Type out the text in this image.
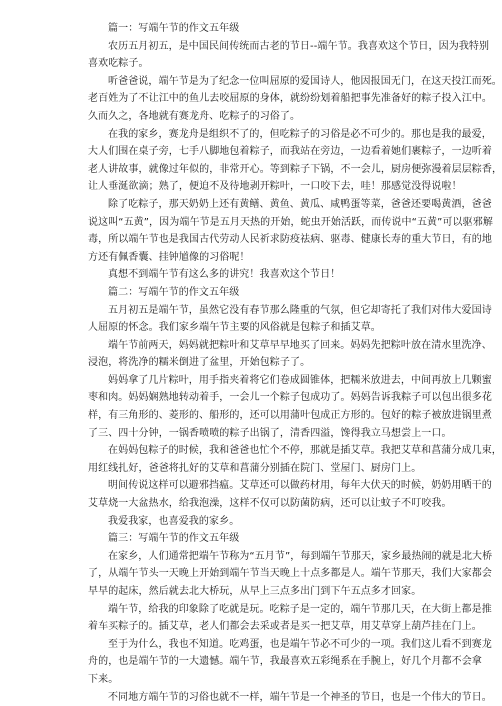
篇一：写端午节的作文五年级
农历五月初五，是中国民间传统而古老的节日--端午节。我喜欢这个节日，因为我特别
喜欢吃粽子。
听爸爸说，端午节是为了纪念一位叫屈原的爱国诗人，他因报国无门，在这天投江而死。
老百姓为了不让江中的鱼儿去咬屈原的身体，就纷纷划着船把事先准备好的粽子投入江中。
久而久之，各地就有赛龙舟、吃粽子的习俗了。
在我的家乡，赛龙舟是组织不了的，但吃粽子的习俗是必不可少的。那也是我的最爱，
大人们围在桌子旁，七手八脚地包着粽子，而我站在旁边，一边看着她们裹粽子，一边听着
老人讲故事，就像过年似的，非常开心。等到粽子下锅，不一会儿，厨房便弥漫着层层粽香，
让人垂涎欲滴；熟了，便迫不及待地剥开粽叶，一口咬下去，哇！那感觉没得说啦！
除了吃粽子，那天奶奶上还有黄鳝、黄鱼、黄瓜、咸鸭蛋等菜，爸爸还要喝黄酒，爸爸
说这叫“五黄”，因为端午节是五月天热的开始，蛇虫开始活跃，而传说中“五黄”可以驱邪解
毒，所以端午节也是我国古代劳动人民祈求防疫祛病、驱毒、健康长寿的重大节日，有的地
方还有佩香囊、挂钟馗像的习俗呢！
真想不到端午节有这么多的讲究！我喜欢这个节日！
篇二：写端午节的作文五年级
五月初五是端午节，虽然它没有春节那么隆重的气氛，但它却寄托了我们对伟大爱国诗
人屈原的怀念。我们家乡端午节主要的风俗就是包粽子和插艾草。
端午节前两天，妈妈就把粽叶和艾草早早地买了回来。妈妈先把粽叶放在清水里洗净、
浸泡，将洗净的糯米倒进了盆里，开始包粽子了。
妈妈拿了几片粽叶，用手指夹着将它们卷成圆锥体，把糯米放进去，中间再放上几颗蜜
枣和肉。妈妈娴熟地转动着手，一会儿一个粽子包成功了。妈妈告诉我粽子可以包出很多花
样，有三角形的、菱形的、船形的，还可以用蒲叶包成正方形的。包好的粽子被放进锅里煮
了三、四十分钟，一锅香喷喷的粽子出锅了，清香四溢，馋得我立马想尝上一口。
在妈妈包粽子的时候，我和爸爸也忙个不停，那就是插艾草。我把艾草和菖蒲分成几束，
用红线扎好，爸爸将扎好的艾草和菖蒲分别插在院门、堂屋门、厨房门上。
明间传说这样可以避邪挡瘟。艾草还可以做药材用，每年大伏天的时候，奶奶用晒干的
艾草烧一大盆热水，给我泡澡，这样不仅可以防菌防病，还可以让蚊子不叮咬我。
我爱我家，也喜爱我的家乡。
篇三：写端午节的作文五年级
在家乡，人们通常把端午节称为“五月节”，每到端午节那天，家乡最热闹的就是北大桥
了，从端午节头一天晚上开始到端午节当天晚上十点多都是人。端午节那天，我们大家都会
早早的起床，然后就去北大桥玩，从早上三点多出门到下午五点多才回家。
端午节，给我的印象除了吃就是玩。吃粽子是一定的，端午节那几天，在大街上都是推
着车买粽子的。插艾草，老人们都会去采或者是买一把艾草，用艾草穿上葫芦挂在门上。
至于为什么，我也不知道。吃鸡蛋，也是端午节必不可少的一项。我们这儿看不到赛龙
舟的，也是端午节的一大遗憾。端午节，我最喜欢五彩绳系在手腕上，好几个月都不会拿
下来。
不同地方端午节的习俗也就不一样，端午节是一个神圣的节日，也是一个伟大的节日。
